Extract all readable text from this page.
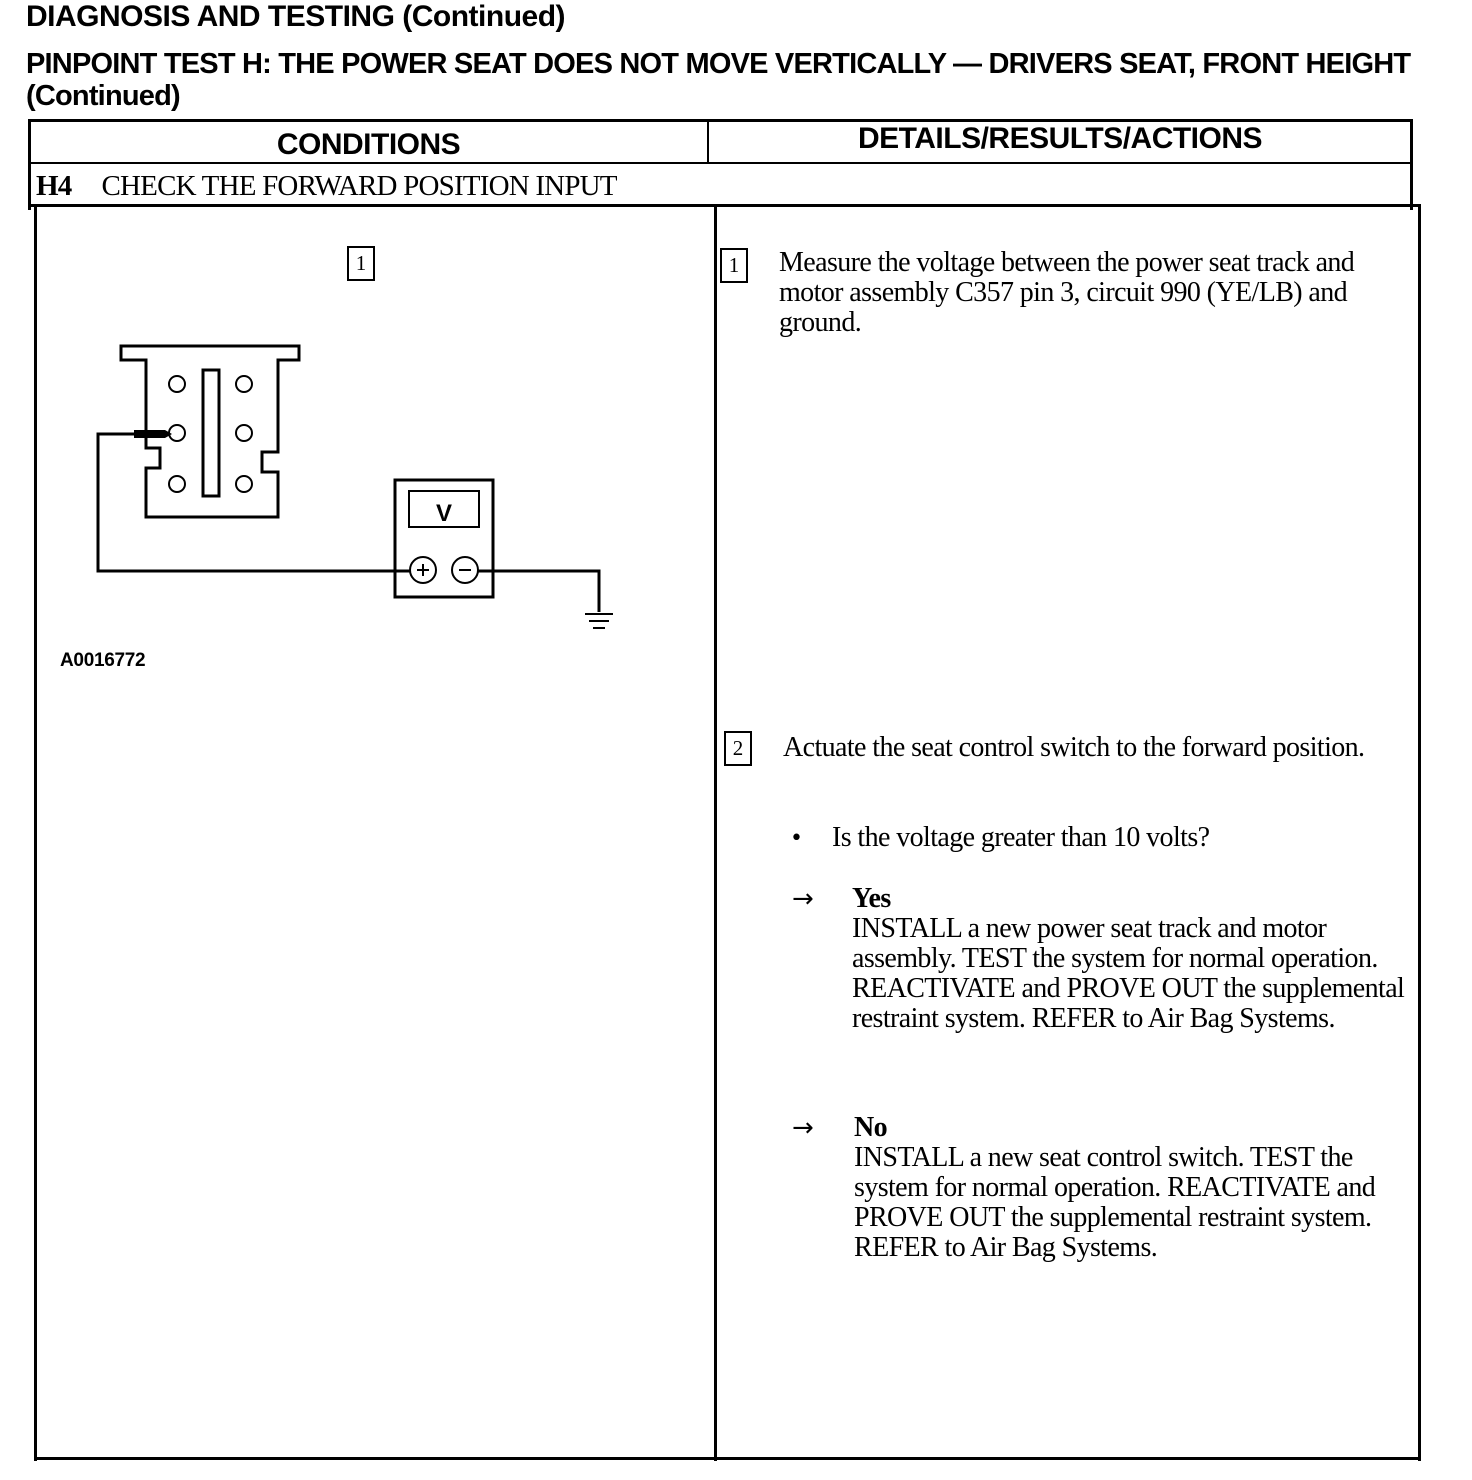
DIAGNOSIS AND TESTING (Continued)
PINPOINT TEST H: THE POWER SEAT DOES NOT MOVE VERTICALLY — DRIVERS SEAT, FRONT HEIGHT (Continued)
CONDITIONS	DETAILS/RESULTS/ACTIONS
H4 CHECK THE FORWARD POSITION INPUT
1
V
A0016772
1	Measure the voltage between the power seat track and motor assembly C357 pin 3, circuit 990 (YE/LB) and ground.
2	Actuate the seat control switch to the forward position.
• Is the voltage greater than 10 volts?
→ Yes
INSTALL a new power seat track and motor assembly. TEST the system for normal operation. REACTIVATE and PROVE OUT the supplemental restraint system. REFER to Air Bag Systems.
→ No
INSTALL a new seat control switch. TEST the system for normal operation. REACTIVATE and PROVE OUT the supplemental restraint system. REFER to Air Bag Systems.
